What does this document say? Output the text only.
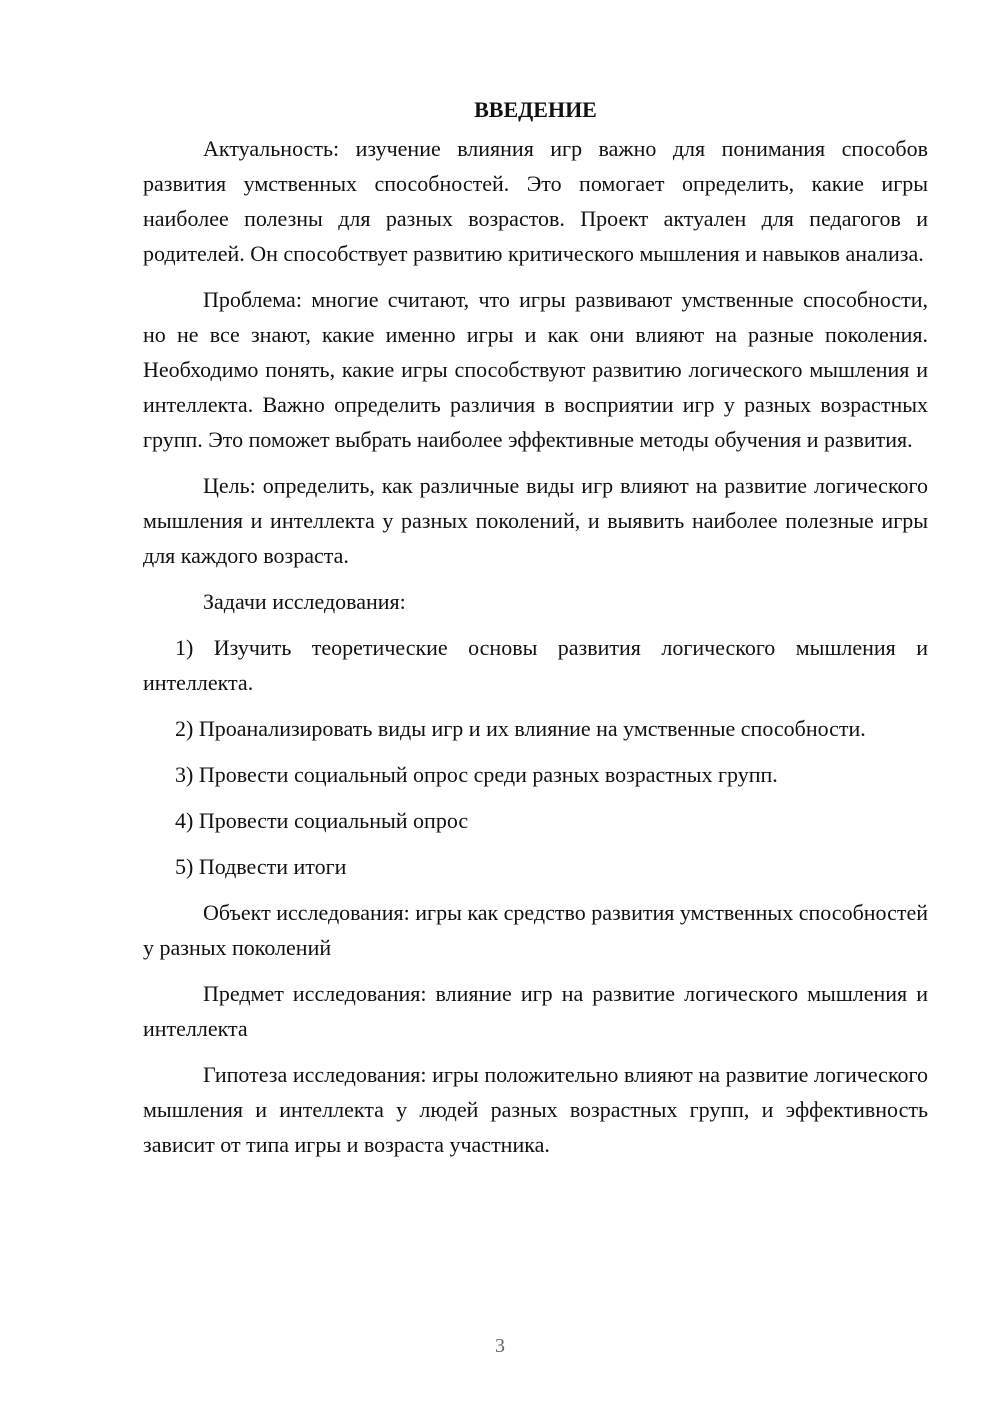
ВВЕДЕНИЕ

Актуальность: изучение влияния игр важно для понимания способов развития умственных способностей. Это помогает определить, какие игры наиболее полезны для разных возрастов. Проект актуален для педагогов и родителей. Он способствует развитию критического мышления и навыков анализа.

Проблема: многие считают, что игры развивают умственные способности, но не все знают, какие именно игры и как они влияют на разные поколения. Необходимо понять, какие игры способствуют развитию логического мышления и интеллекта. Важно определить различия в восприятии игр у разных возрастных групп. Это поможет выбрать наиболее эффективные методы обучения и развития.

Цель: определить, как различные виды игр влияют на развитие логического мышления и интеллекта у разных поколений, и выявить наиболее полезные игры для каждого возраста.

Задачи исследования:

1) Изучить теоретические основы развития логического мышления и интеллекта.

2) Проанализировать виды игр и их влияние на умственные способности.

3) Провести социальный опрос среди разных возрастных групп.

4) Провести социальный опрос

5) Подвести итоги

Объект исследования: игры как средство развития умственных способностей у разных поколений

Предмет исследования: влияние игр на развитие логического мышления и интеллекта

Гипотеза исследования: игры положительно влияют на развитие логического мышления и интеллекта у людей разных возрастных групп, и эффективность зависит от типа игры и возраста участника.

3
